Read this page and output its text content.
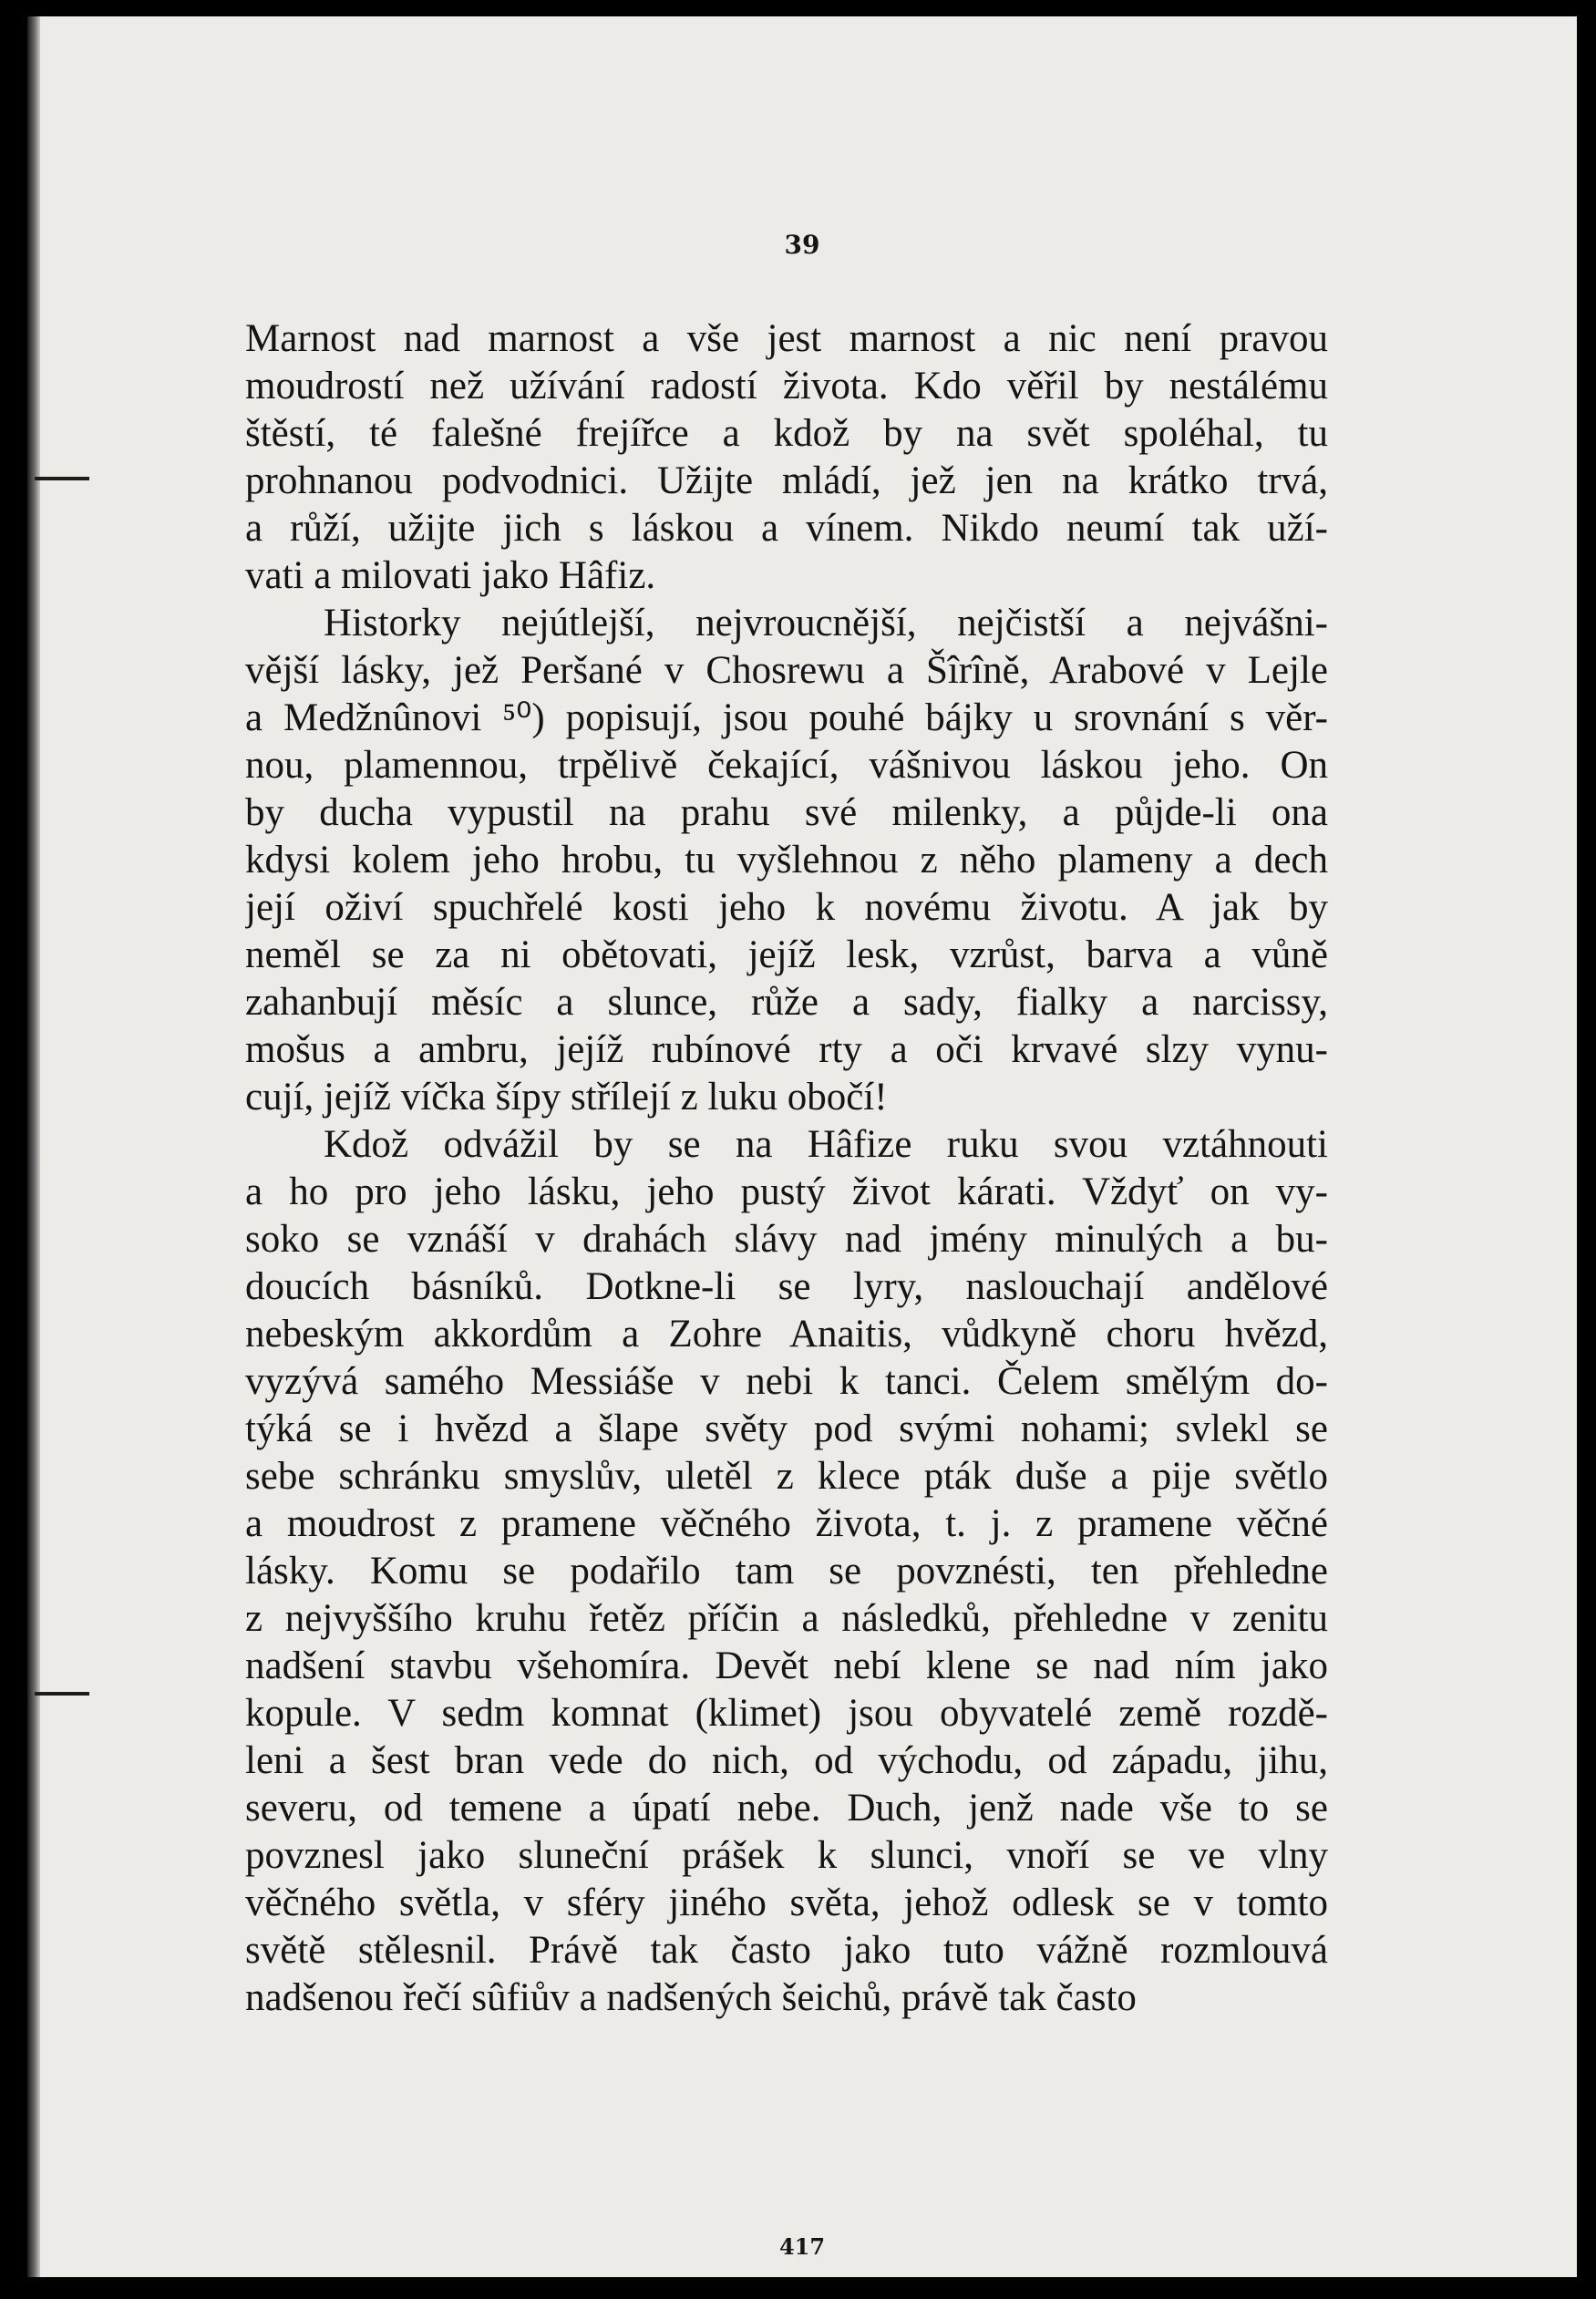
39

Marnost nad marnost a vše jest marnost a nic není pravou
moudrostí než užívání radostí života. Kdo věřil by nestálému
štěstí, té falešné frejířce a kdož by na svět spoléhal, tu
prohnanou podvodnici. Užijte mládí, jež jen na krátko trvá,
a růží, užijte jich s láskou a vínem. Nikdo neumí tak uží-
vati a milovati jako Hâfiz.
Historky nejútlejší, nejvroucnější, nejčistší a nejvášni-
vější lásky, jež Peršané v Chosrewu a Šîrîně, Arabové v Lejle
a Medžnûnovi ⁵⁰) popisují, jsou pouhé bájky u srovnání s věr-
nou, plamennou, trpělivě čekající, vášnivou láskou jeho. On
by ducha vypustil na prahu své milenky, a půjde-li ona
kdysi kolem jeho hrobu, tu vyšlehnou z něho plameny a dech
její oživí spuchřelé kosti jeho k novému životu. A jak by
neměl se za ni obětovati, jejíž lesk, vzrůst, barva a vůně
zahanbují měsíc a slunce, růže a sady, fialky a narcissy,
mošus a ambru, jejíž rubínové rty a oči krvavé slzy vynu-
cují, jejíž víčka šípy střílejí z luku obočí!
Kdož odvážil by se na Hâfize ruku svou vztáhnouti
a ho pro jeho lásku, jeho pustý život kárati. Vždyť on vy-
soko se vznáší v drahách slávy nad jmény minulých a bu-
doucích básníků. Dotkne-li se lyry, naslouchají andělové
nebeským akkordům a Zohre Anaitis, vůdkyně choru hvězd,
vyzývá samého Messiáše v nebi k tanci. Čelem smělým do-
týká se i hvězd a šlape světy pod svými nohami; svlekl se
sebe schránku smyslův, uletěl z klece pták duše a pije světlo
a moudrost z pramene věčného života, t. j. z pramene věčné
lásky. Komu se podařilo tam se povznésti, ten přehledne
z nejvyššího kruhu řetěz příčin a následků, přehledne v zenitu
nadšení stavbu všehomíra. Devět nebí klene se nad ním jako
kopule. V sedm komnat (klimet) jsou obyvatelé země rozdě-
leni a šest bran vede do nich, od východu, od západu, jihu,
severu, od temene a úpatí nebe. Duch, jenž nade vše to se
povznesl jako sluneční prášek k slunci, vnoří se ve vlny
věčného světla, v sféry jiného světa, jehož odlesk se v tomto
světě stělesnil. Právě tak často jako tuto vážně rozmlouvá
nadšenou řečí sûfiův a nadšených šeichů, právě tak často

417
